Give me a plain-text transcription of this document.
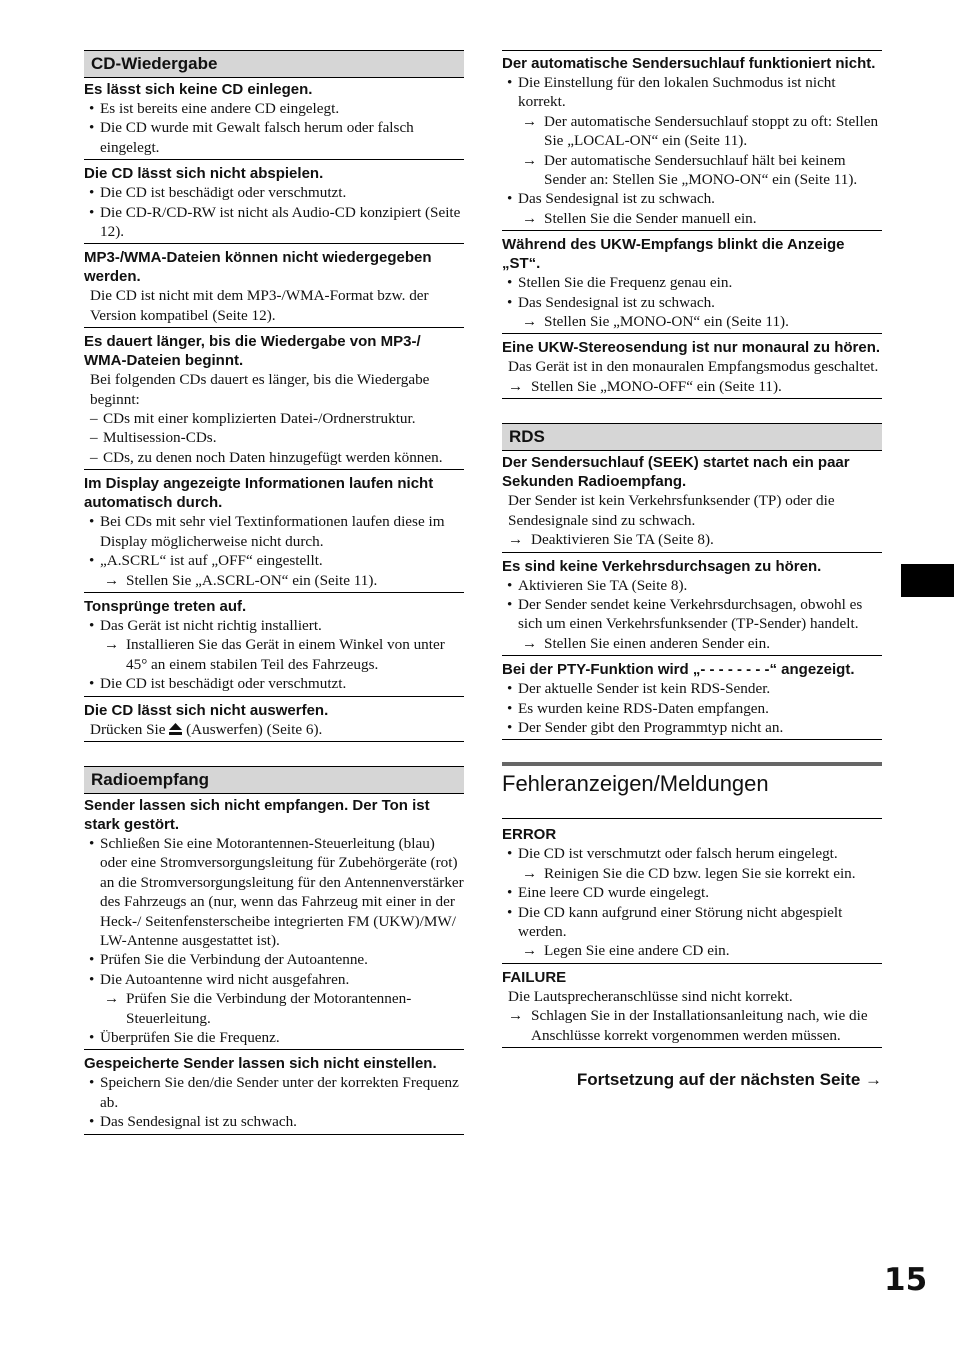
CD-Wiedergabe
Es lässt sich keine CD einlegen.
• Es ist bereits eine andere CD eingelegt.
• Die CD wurde mit Gewalt falsch herum oder falsch eingelegt.
Die CD lässt sich nicht abspielen.
• Die CD ist beschädigt oder verschmutzt.
• Die CD-R/CD-RW ist nicht als Audio-CD konzipiert (Seite 12).
MP3-/WMA-Dateien können nicht wiedergegeben werden.
Die CD ist nicht mit dem MP3-/WMA-Format bzw. der Version kompatibel (Seite 12).
Es dauert länger, bis die Wiedergabe von MP3-/ WMA-Dateien beginnt.
Bei folgenden CDs dauert es länger, bis die Wiedergabe beginnt:
– CDs mit einer komplizierten Datei-/Ordnerstruktur.
– Multisession-CDs.
– CDs, zu denen noch Daten hinzugefügt werden können.
Im Display angezeigte Informationen laufen nicht automatisch durch.
• Bei CDs mit sehr viel Textinformationen laufen diese im Display möglicherweise nicht durch.
• „A.SCRL“ ist auf „OFF“ eingestellt.
→ Stellen Sie „A.SCRL-ON“ ein (Seite 11).
Tonsprünge treten auf.
• Das Gerät ist nicht richtig installiert.
→ Installieren Sie das Gerät in einem Winkel von unter 45° an einem stabilen Teil des Fahrzeugs.
• Die CD ist beschädigt oder verschmutzt.
Die CD lässt sich nicht auswerfen.
Drücken Sie (Auswerfen) (Seite 6).
Radioempfang
Sender lassen sich nicht empfangen. Der Ton ist stark gestört.
• Schließen Sie eine Motorantennen-Steuerleitung (blau) oder eine Stromversorgungsleitung für Zubehörgeräte (rot) an die Stromversorgungsleitung für den Antennenverstärker des Fahrzeugs an (nur, wenn das Fahrzeug mit einer in der Heck-/ Seitenfensterscheibe integrierten FM (UKW)/MW/ LW-Antenne ausgestattet ist).
• Prüfen Sie die Verbindung der Autoantenne.
• Die Autoantenne wird nicht ausgefahren.
→ Prüfen Sie die Verbindung der Motorantennen-Steuerleitung.
• Überprüfen Sie die Frequenz.
Gespeicherte Sender lassen sich nicht einstellen.
• Speichern Sie den/die Sender unter der korrekten Frequenz ab.
• Das Sendesignal ist zu schwach.
Der automatische Sendersuchlauf funktioniert nicht.
• Die Einstellung für den lokalen Suchmodus ist nicht korrekt.
→ Der automatische Sendersuchlauf stoppt zu oft: Stellen Sie „LOCAL-ON“ ein (Seite 11).
→ Der automatische Sendersuchlauf hält bei keinem Sender an: Stellen Sie „MONO-ON“ ein (Seite 11).
• Das Sendesignal ist zu schwach.
→ Stellen Sie die Sender manuell ein.
Während des UKW-Empfangs blinkt die Anzeige „ST“.
• Stellen Sie die Frequenz genau ein.
• Das Sendesignal ist zu schwach.
→ Stellen Sie „MONO-ON“ ein (Seite 11).
Eine UKW-Stereosendung ist nur monaural zu hören.
Das Gerät ist in den monauralen Empfangsmodus geschaltet.
→ Stellen Sie „MONO-OFF“ ein (Seite 11).
RDS
Der Sendersuchlauf (SEEK) startet nach ein paar Sekunden Radioempfang.
Der Sender ist kein Verkehrsfunksender (TP) oder die Sendesignale sind zu schwach.
→ Deaktivieren Sie TA (Seite 8).
Es sind keine Verkehrsdurchsagen zu hören.
• Aktivieren Sie TA (Seite 8).
• Der Sender sendet keine Verkehrsdurchsagen, obwohl es sich um einen Verkehrsfunksender (TP-Sender) handelt.
→ Stellen Sie einen anderen Sender ein.
Bei der PTY-Funktion wird „- - - - - - - -“ angezeigt.
• Der aktuelle Sender ist kein RDS-Sender.
• Es wurden keine RDS-Daten empfangen.
• Der Sender gibt den Programmtyp nicht an.
Fehleranzeigen/Meldungen
ERROR
• Die CD ist verschmutzt oder falsch herum eingelegt.
→ Reinigen Sie die CD bzw. legen Sie sie korrekt ein.
• Eine leere CD wurde eingelegt.
• Die CD kann aufgrund einer Störung nicht abgespielt werden.
→ Legen Sie eine andere CD ein.
FAILURE
Die Lautsprecheranschlüsse sind nicht korrekt.
→ Schlagen Sie in der Installationsanleitung nach, wie die Anschlüsse korrekt vorgenommen werden müssen.
Fortsetzung auf der nächsten Seite →
15
